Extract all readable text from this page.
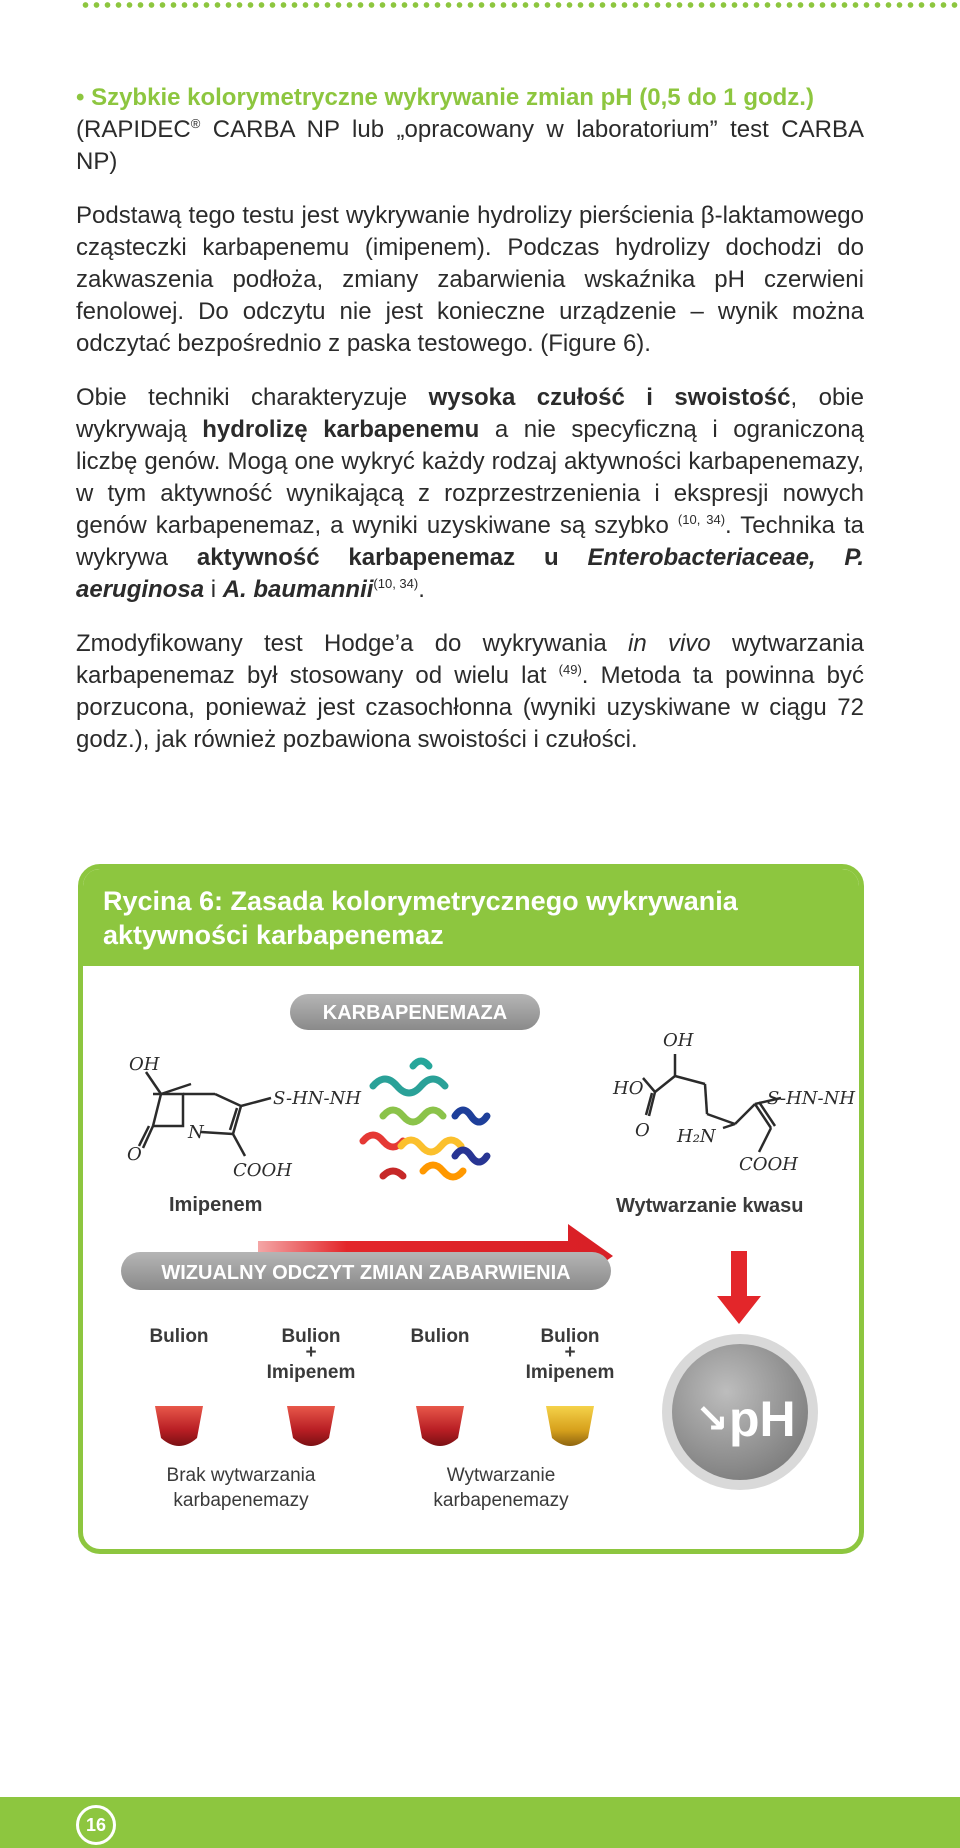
• Szybkie kolorymetryczne wykrywanie zmian pH (0,5 do 1 godz.)

(RAPIDEC® CARBA NP lub „opracowany w laboratorium” test CARBA NP)

Podstawą tego testu jest wykrywanie hydrolizy pierścienia β-laktamowego cząsteczki karbapenemu (imipenem). Podczas hydrolizy dochodzi do zakwaszenia podłoża, zmiany zabarwienia wskaźnika pH czerwieni fenolowej. Do odczytu nie jest konieczne urządzenie – wynik można odczytać bezpośrednio z paska testowego. (Figure 6).

Obie techniki charakteryzuje wysoka czułość i swoistość, obie wykrywają hydrolizę karbapenemu a nie specyficzną i ograniczoną liczbę genów. Mogą one wykryć każdy rodzaj aktywności karbapenemazy, w tym aktywność wynikającą z rozprzestrzenienia i ekspresji nowych genów karbapenemaz, a wyniki uzyskiwane są szybko $^{(10, 34)}$. Technika ta wykrywa aktywność karbapenemaz u Enterobacteriaceae, P. aeruginosa i A. baumannii$^{(10, 34)}$.

Zmodyfikowany test Hodge’a do wykrywania in vivo wytwarzania karbapenemaz był stosowany od wielu lat $^{(49)}$. Metoda ta powinna być porzucona, ponieważ jest czasochłonna (wyniki uzyskiwane w ciągu 72 godz.), jak również pozbawiona swoistości i czułości.

Rycina 6: Zasada kolorymetrycznego wykrywania
aktywności karbapenemaz
KARBAPENEMAZA
OH
N
O
S-HN-NH
COOH
Imipenem
OH
HO
O H₂N
S-HN-NH
COOH
Wytwarzanie kwasu
WIZUALNY ODCZYT ZMIAN ZABARWIENIA
↘ pH
Bulion	Bulion
+
Imipenem
Bulion	Bulion
+
Imipenem
Brak wytwarzania
karbapenemazy
Wytwarzanie
karbapenemazy
16
